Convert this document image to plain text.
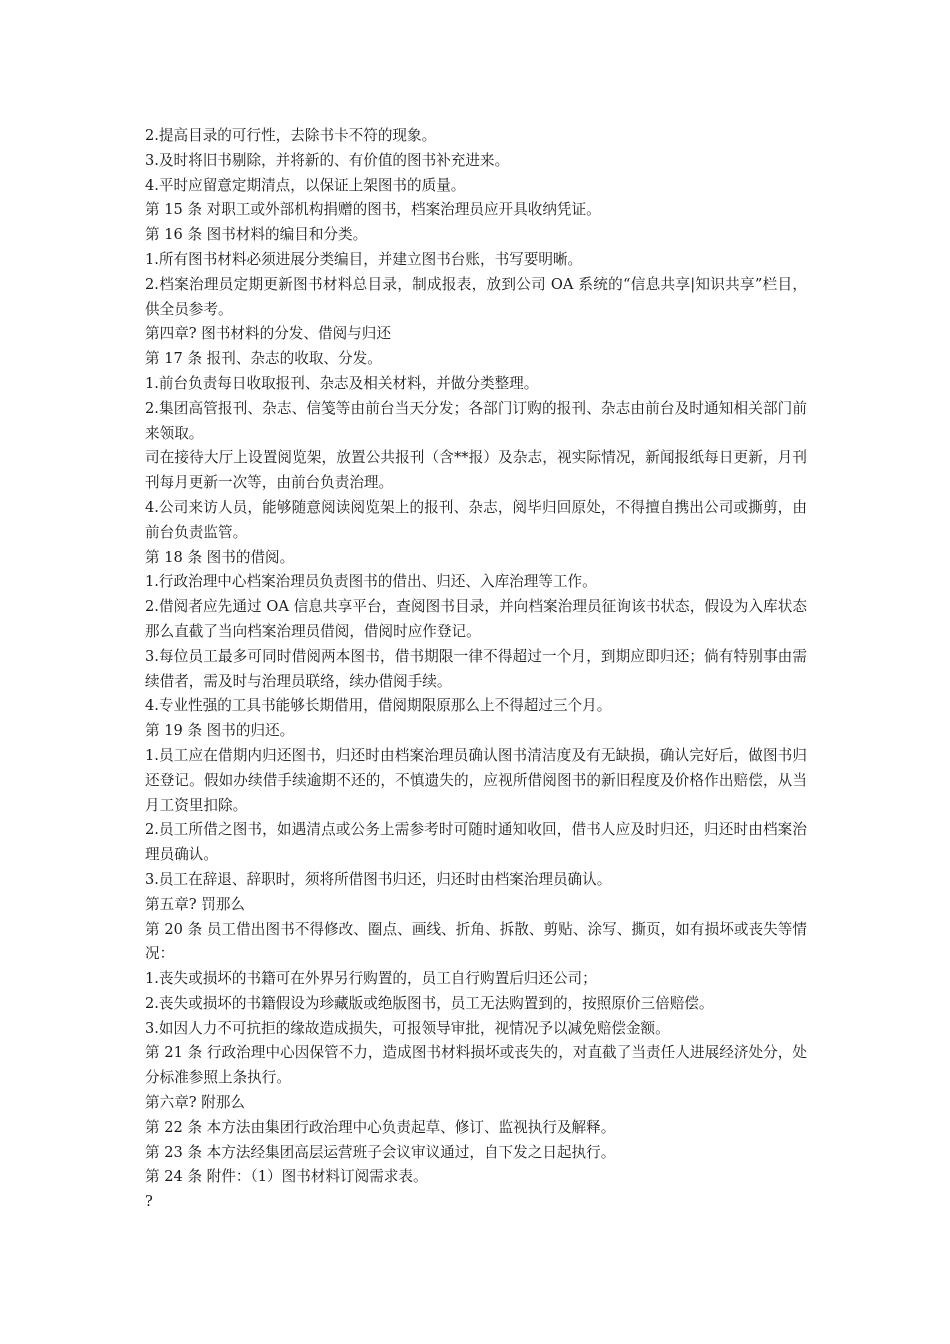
2.提高目录的可行性，去除书卡不符的现象。

3.及时将旧书剔除，并将新的、有价值的图书补充进来。

4.平时应留意定期清点，以保证上架图书的质量。

第 15 条 对职工或外部机构捐赠的图书，档案治理员应开具收纳凭证。

第 16 条 图书材料的编目和分类。

1.所有图书材料必须进展分类编目，并建立图书台账，书写要明晰。

2.档案治理员定期更新图书材料总目录，制成报表，放到公司 OA 系统的“信息共享|知识共享”栏目，供全员参考。

第四章? 图书材料的分发、借阅与归还

第 17 条 报刊、杂志的收取、分发。

1.前台负责每日收取报刊、杂志及相关材料，并做分类整理。

2.集团高管报刊、杂志、信笺等由前台当天分发；各部门订购的报刊、杂志由前台及时通知相关部门前来领取。

司在接待大厅上设置阅览架，放置公共报刊（含**报）及杂志，视实际情况，新闻报纸每日更新，月刊刊每月更新一次等，由前台负责治理。

4.公司来访人员，能够随意阅读阅览架上的报刊、杂志，阅毕归回原处，不得擅自携出公司或撕剪，由前台负责监管。

第 18 条 图书的借阅。

1.行政治理中心档案治理员负责图书的借出、归还、入库治理等工作。

2.借阅者应先通过 OA 信息共享平台，查阅图书目录，并向档案治理员征询该书状态，假设为入库状态那么直截了当向档案治理员借阅，借阅时应作登记。

3.每位员工最多可同时借阅两本图书，借书期限一律不得超过一个月，到期应即归还；倘有特别事由需续借者，需及时与治理员联络，续办借阅手续。

4.专业性强的工具书能够长期借用，借阅期限原那么上不得超过三个月。

第 19 条 图书的归还。

1.员工应在借期内归还图书，归还时由档案治理员确认图书清洁度及有无缺损，确认完好后，做图书归还登记。假如办续借手续逾期不还的，不慎遗失的，应视所借阅图书的新旧程度及价格作出赔偿，从当月工资里扣除。

2.员工所借之图书，如遇清点或公务上需参考时可随时通知收回，借书人应及时归还，归还时由档案治理员确认。

3.员工在辞退、辞职时，须将所借图书归还，归还时由档案治理员确认。

第五章? 罚那么

第 20 条 员工借出图书不得修改、圈点、画线、折角、拆散、剪贴、涂写、撕页，如有损坏或丧失等情况：

1.丧失或损坏的书籍可在外界另行购置的，员工自行购置后归还公司；

2.丧失或损坏的书籍假设为珍藏版或绝版图书，员工无法购置到的，按照原价三倍赔偿。

3.如因人力不可抗拒的缘故造成损失，可报领导审批，视情况予以减免赔偿金额。

第 21 条 行政治理中心因保管不力，造成图书材料损坏或丧失的，对直截了当责任人进展经济处分，处分标准参照上条执行。

第六章? 附那么

第 22 条 本方法由集团行政治理中心负责起草、修订、监视执行及解释。

第 23 条 本方法经集团高层运营班子会议审议通过，自下发之日起执行。

第 24 条 附件：（1）图书材料订阅需求表。

?
